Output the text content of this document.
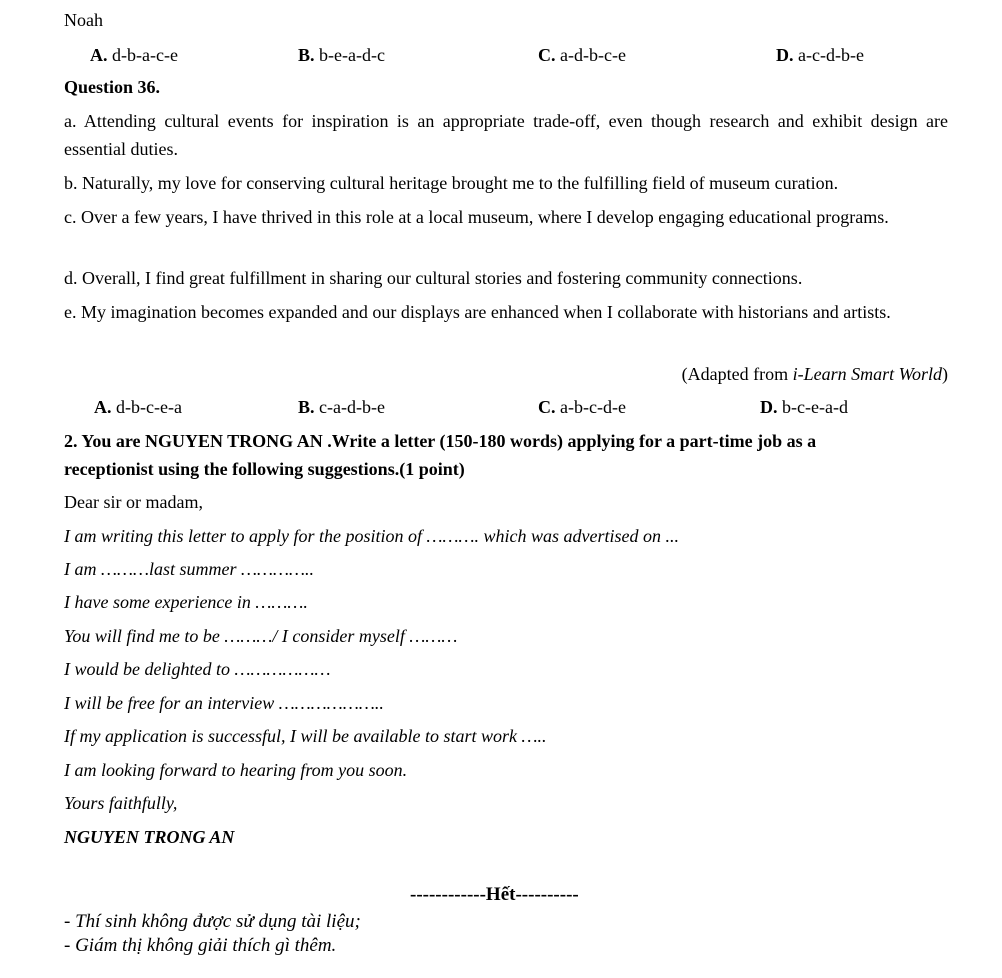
Noah
A. d-b-a-c-e	B. b-e-a-d-c	C. a-d-b-c-e	D. a-c-d-b-e
Question 36.
a. Attending cultural events for inspiration is an appropriate trade-off, even though research and exhibit design are essential duties.
b. Naturally, my love for conserving cultural heritage brought me to the fulfilling field of museum curation.
c. Over a few years, I have thrived in this role at a local museum, where I develop engaging educational programs.
d. Overall, I find great fulfillment in sharing our cultural stories and fostering community connections.
e. My imagination becomes expanded and our displays are enhanced when I collaborate with historians and artists.
(Adapted from i-Learn Smart World)
A. d-b-c-e-a	B. c-a-d-b-e	C. a-b-c-d-e	D. b-c-e-a-d
2. You are NGUYEN TRONG AN .Write a letter (150-180 words) applying for a part-time job as a
receptionist using the following suggestions.(1 point)
Dear sir or madam,
I am writing this letter to apply for the position of ………. which was advertised on ...
I am ………last summer …………..
I have some experience in ……….
You will find me to be ………/ I consider myself ………
I would be delighted to ………………
I will be free for an interview ………………..
If my application is successful, I will be available to start work …..
I am looking forward to hearing from you soon.
Yours faithfully,
NGUYEN TRONG AN
------------Hết----------
- Thí sinh không được sử dụng tài liệu;
- Giám thị không giải thích gì thêm.
